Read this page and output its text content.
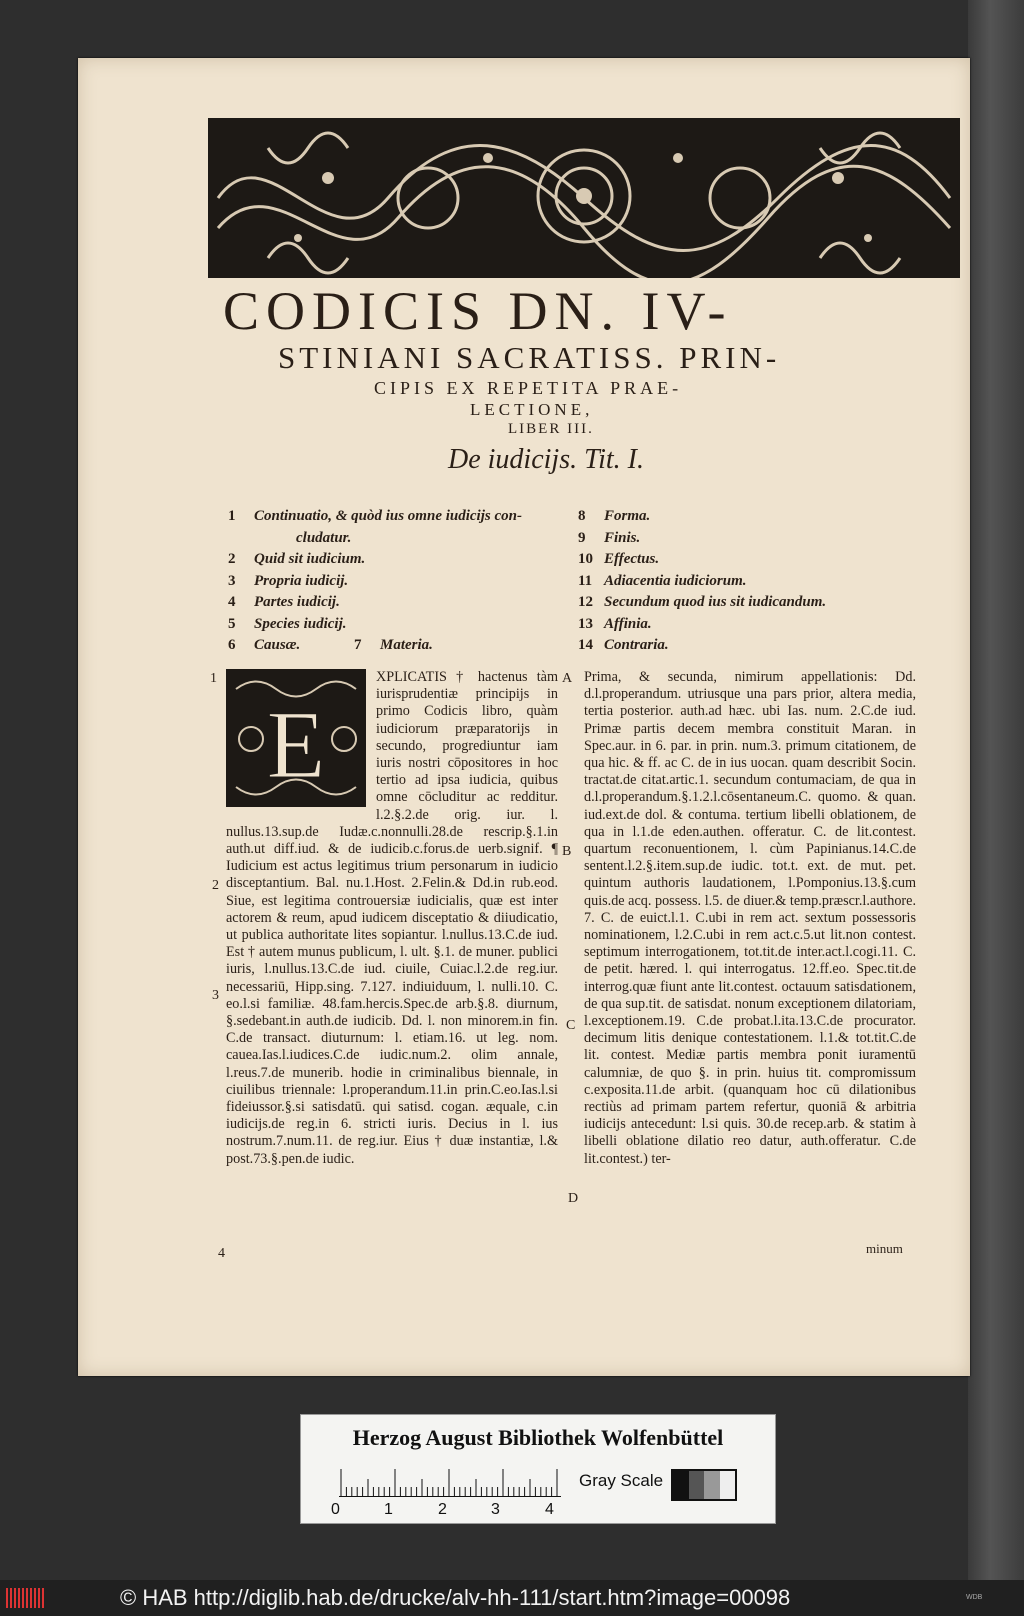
CODICIS DN. IV-
STINIANI SACRATISS. PRIN-
CIPIS EX REPETITA PRAE-
LECTIONE,
LIBER III.
De iudicijs. Tit. I.
1 Continuatio, & quòd ius omne iudicijs con-
cludatur.
2 Quid sit iudicium.
3 Propria iudicij.
4 Partes iudicij.
5 Species iudicij.
6 Causæ.	7 Materia.
8 Forma.
9 Finis.
10 Effectus.
11 Adiacentia iudiciorum.
12 Secundum quod ius sit iudicandum.
13 Affinia.
14 Contraria.
1
2
3
4
A
B
C
D
E

XPLICATIS † hactenus tàm iurisprudentiæ principijs in primo Codicis libro, quàm iudiciorum præparatorijs in secundo, progrediuntur iam iuris nostri cōpositores in hoc tertio ad ipsa iudicia, quibus omne cōcluditur ac redditur. l.2.§.2.de orig. iur. l. nullus.13.sup.de Iudæ.c.nonnulli.28.de rescrip.§.1.in auth.ut diff.iud. & de iudicib.c.forus.de uerb.signif. ¶ Iudicium est actus legitimus trium personarum in iudicio disceptantium. Bal. nu.1.Host. 2.Felin.& Dd.in rub.eod. Siue, est legitima controuersiæ iudicialis, quæ est inter actorem & reum, apud iudicem disceptatio & diiudicatio, ut publica authoritate lites sopiantur. l.nullus.13.C.de iud. Est † autem munus publicum, l. ult. §.1. de muner. publici iuris, l.nullus.13.C.de iud. ciuile, Cuiac.l.2.de reg.iur. necessariū, Hipp.sing. 7.127. indiuiduum, l. nulli.10. C. eo.l.si familiæ. 48.fam.hercis.Spec.de arb.§.8. diurnum, §.sedebant.in auth.de iudicib. Dd. l. non minorem.in fin. C.de transact. diuturnum: l. etiam.16. ut leg. nom. cauea.Ias.l.iudices.C.de iudic.num.2. olim annale, l.reus.7.de munerib. hodie in criminalibus biennale, in ciuilibus triennale: l.properandum.11.in prin.C.eo.Ias.l.si fideiussor.§.si satisdatū. qui satisd. cogan. æquale, c.in iudicijs.de reg.in 6. stricti iuris. Decius in l. ius nostrum.7.num.11. de reg.iur. Eius † duæ instantiæ, l.& post.73.§.pen.de iudic.

Prima, & secunda, nimirum appellationis: Dd. d.l.properandum. utriusque una pars prior, altera media, tertia posterior. auth.ad hæc. ubi Ias. num. 2.C.de iud. Primæ partis decem membra constituit Maran. in Spec.aur. in 6. par. in prin. num.3. primum citationem, de qua hic. & ff. ac C. de in ius uocan. quam describit Socin. tractat.de citat.artic.1. secundum contumaciam, de qua in d.l.properandum.§.1.2.l.cōsentaneum.C. quomo. & quan. iud.ext.de dol. & contuma. tertium libelli oblationem, de qua in l.1.de eden.authen. offeratur. C. de lit.contest. quartum reconuentionem, l. cùm Papinianus.14.C.de sentent.l.2.§.item.sup.de iudic. tot.t. ext. de mut. pet. quintum authoris laudationem, l.Pomponius.13.§.cum quis.de acq. possess. l.5. de diuer.& temp.præscr.l.authore. 7. C. de euict.l.1. C.ubi in rem act. sextum possessoris nominationem, l.2.C.ubi in rem act.c.5.ut lit.non contest. septimum interrogationem, tot.tit.de inter.act.l.cogi.11. C. de petit. hæred. l. qui interrogatus. 12.ff.eo. Spec.tit.de interrog.quæ fiunt ante lit.contest. octauum satisdationem, de qua sup.tit. de satisdat. nonum exceptionem dilatoriam, l.exceptionem.19. C.de probat.l.ita.13.C.de procurator. decimum litis denique contestationem. l.1.& tot.tit.C.de lit. contest. Mediæ partis membra ponit iuramentū calumniæ, de quo §. in prin. huius tit. compromissum c.exposita.11.de arbit. (quanquam hoc cū dilationibus rectiùs ad primam partem refertur, quoniā & arbitria iudicijs antecedunt: l.si quis. 30.de recep.arb. & statim à libelli oblatione dilatio reo datur, auth.offeratur. C.de lit.contest.) ter-

minum
Herzog August Bibliothek Wolfenbüttel
Gray Scale
0	1	2	3	4
© HAB http://diglib.hab.de/drucke/alv-hh-111/start.htm?image=00098	WDB
